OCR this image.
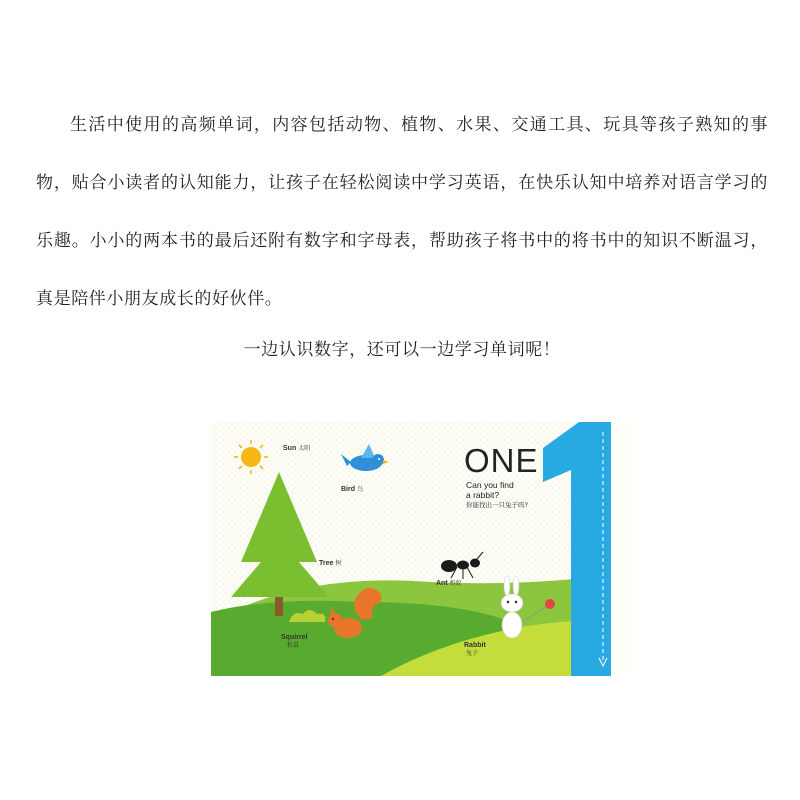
生活中使用的高频单词，内容包括动物、植物、水果、交通工具、玩具等孩子熟知的事物，贴合小读者的认知能力，让孩子在轻松阅读中学习英语，在快乐认知中培养对语言学习的乐趣。小小的两本书的最后还附有数字和字母表，帮助孩子将书中的将书中的知识不断温习，真是陪伴小朋友成长的好伙伴。

一边认识数字，还可以一边学习单词呢！

Sun 太阳
Bird 鸟
Tree 树
Ant 蚂蚁
Squirrel
松鼠	Rabbit
兔子
ONE
Can you find
a rabbit?
你能找出一只兔子吗?
